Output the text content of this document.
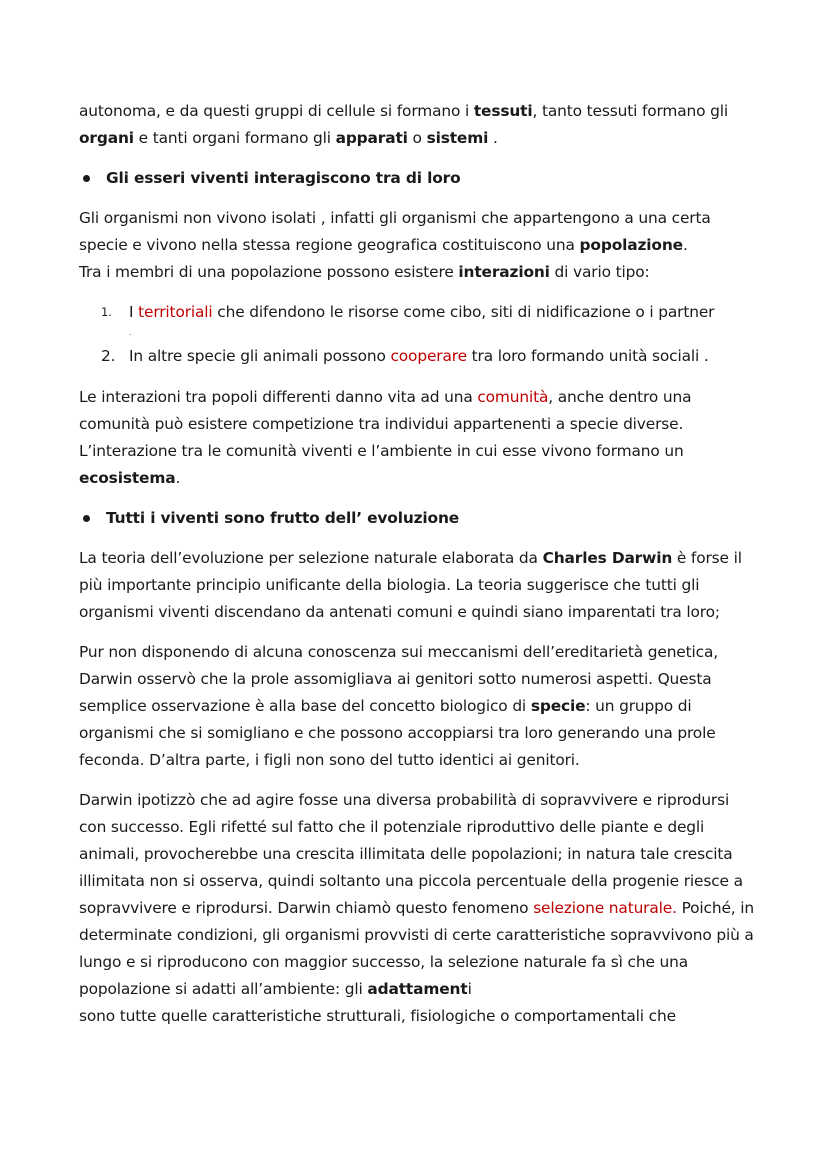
autonoma, e da questi gruppi di cellule si formano i tessuti, tanto tessuti formano gli organi e tanti organi formano gli apparati o sistemi .

Gli esseri viventi interagiscono tra di loro

Gli organismi non vivono isolati , infatti gli organismi che appartengono a una certa specie e vivono nella stessa regione geografica costituiscono una popolazione.
Tra i membri di una popolazione possono esistere interazioni di vario tipo:

1. I territoriali che difendono le risorse come cibo, siti di nidificazione o i partner
.
2. In altre specie gli animali possono cooperare tra loro formando unità sociali .

Le interazioni tra popoli differenti danno vita ad una comunità, anche dentro una comunità può esistere competizione tra individui appartenenti a specie diverse. L’interazione tra le comunità viventi e l’ambiente in cui esse vivono formano un ecosistema.

Tutti i viventi sono frutto dell’ evoluzione

La teoria dell’evoluzione per selezione naturale elaborata da Charles Darwin è forse il più importante principio unificante della biologia. La teoria suggerisce che tutti gli organismi viventi discendano da antenati comuni e quindi siano imparentati tra loro;

Pur non disponendo di alcuna conoscenza sui meccanismi dell’ereditarietà genetica, Darwin osservò che la prole assomigliava ai genitori sotto numerosi aspetti. Questa semplice osservazione è alla base del concetto biologico di specie: un gruppo di organismi che si somigliano e che possono accoppiarsi tra loro generando una prole feconda. D’altra parte, i figli non sono del tutto identici ai genitori.

Darwin ipotizzò che ad agire fosse una diversa probabilità di sopravvivere e riprodursi con successo. Egli rifetté sul fatto che il potenziale riproduttivo delle piante e degli animali, provocherebbe una crescita illimitata delle popolazioni; in natura tale crescita illimitata non si osserva, quindi soltanto una piccola percentuale della progenie riesce a sopravvivere e riprodursi. Darwin chiamò questo fenomeno selezione naturale. Poiché, in determinate condizioni, gli organismi provvisti di certe caratteristiche sopravvivono più a lungo e si riproducono con maggior successo, la selezione naturale fa sì che una popolazione si adatti all’ambiente: gli adattamenti
sono tutte quelle caratteristiche strutturali, fisiologiche o comportamentali che
